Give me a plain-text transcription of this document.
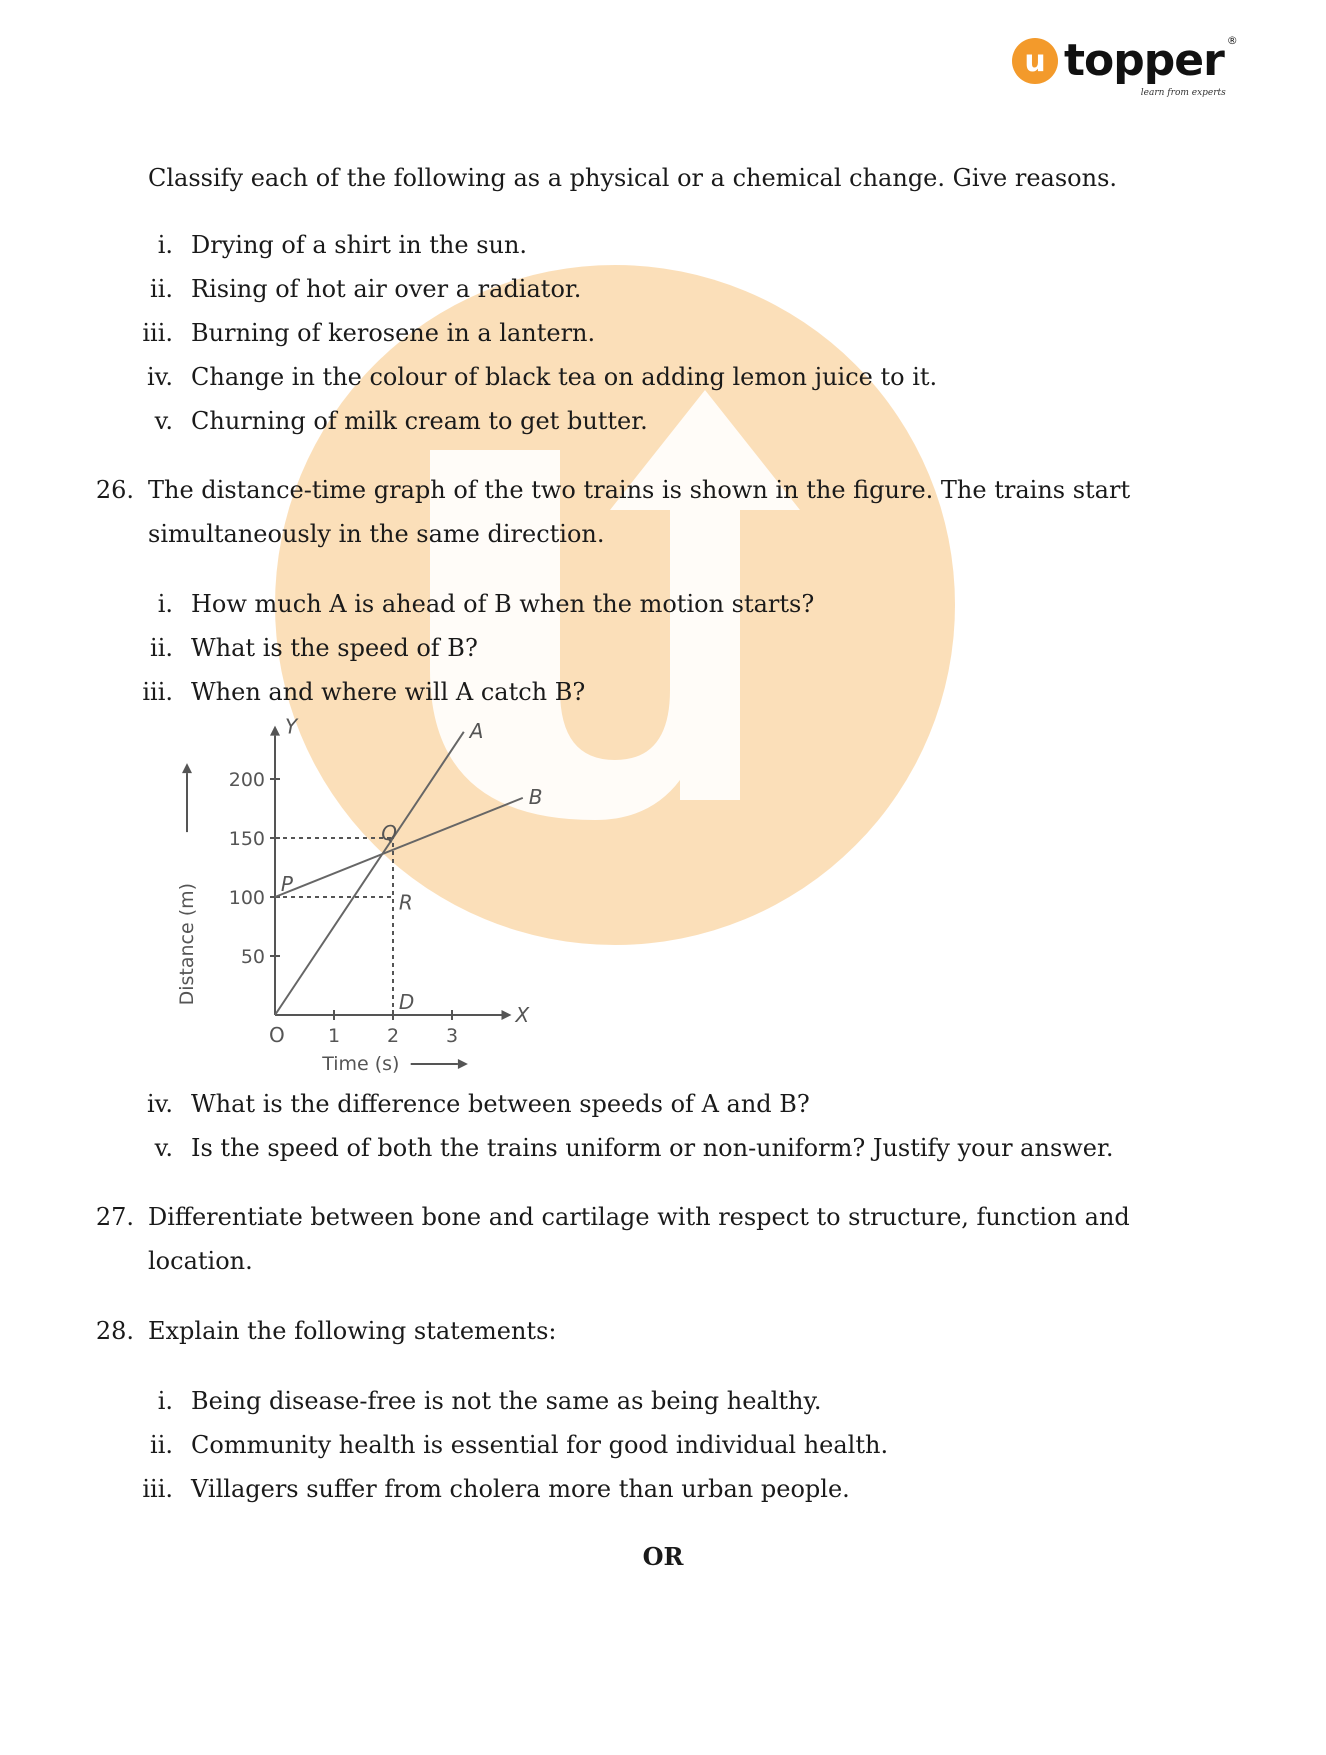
u topper ®
learn from experts
Classify each of the following as a physical or a chemical change. Give reasons.
i. Drying of a shirt in the sun.
ii. Rising of hot air over a radiator.
iii. Burning of kerosene in a lantern.
iv. Change in the colour of black tea on adding lemon juice to it.
v. Churning of milk cream to get butter.
26. The distance-time graph of the two trains is shown in the figure. The trains start
simultaneously in the same direction.
i. How much A is ahead of B when the motion starts?
ii. What is the speed of B?
iii. When and where will A catch B?
iv. What is the difference between speeds of A and B?
v. Is the speed of both the trains uniform or non-uniform? Justify your answer.
27. Differentiate between bone and cartilage with respect to structure, function and
location.
28. Explain the following statements:
i. Being disease-free is not the same as being healthy.
ii. Community health is essential for good individual health.
iii. Villagers suffer from cholera more than urban people.
OR
X
Y
O 1 2 3
50
100
150
200
A
B
P
Q
R
D
Time (s)
Distance (m)
